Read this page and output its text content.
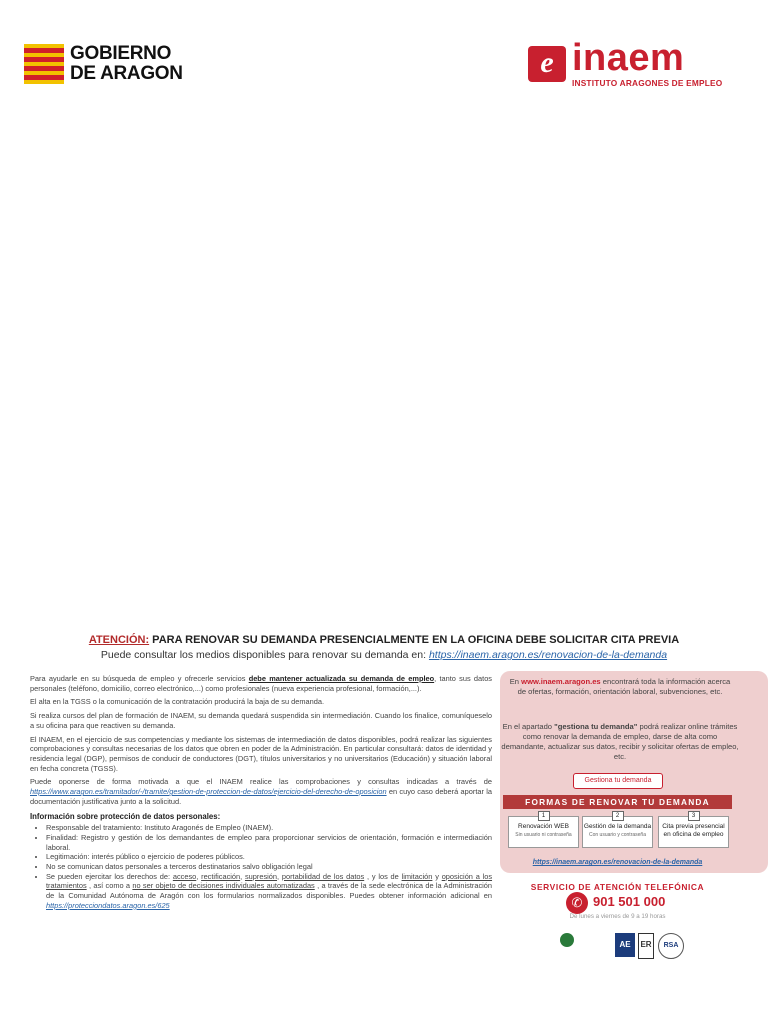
GOBIERNO
DE ARAGON	e inaem
INSTITUTO ARAGONES DE EMPLEO
ATENCIÓN: PARA RENOVAR SU DEMANDA PRESENCIALMENTE EN LA OFICINA DEBE SOLICITAR CITA PREVIA
Puede consultar los medios disponibles para renovar su demanda en: https://inaem.aragon.es/renovacion-de-la-demanda

Para ayudarle en su búsqueda de empleo y ofrecerle servicios debe mantener actualizada su demanda de empleo, tanto sus datos personales (teléfono, domicilio, correo electrónico,...) como profesionales (nueva experiencia profesional, formación,...).

El alta en la TGSS o la comunicación de la contratación producirá la baja de su demanda.

Si realiza cursos del plan de formación de INAEM, su demanda quedará suspendida sin intermediación. Cuando los finalice, comuníqueselo a su oficina para que reactiven su demanda.

El INAEM, en el ejercicio de sus competencias y mediante los sistemas de intermediación de datos disponibles, podrá realizar las siguientes comprobaciones y consultas necesarias de los datos que obren en poder de la Administración. En particular consultará: datos de identidad y residencia legal (DGP), permisos de conducir de conductores (DGT), títulos universitarios y no universitarios (Educación) y situación laboral en fecha concreta (TGSS).

Puede oponerse de forma motivada a que el INAEM realice las comprobaciones y consultas indicadas a través de https://www.aragon.es/tramitador/-/tramite/gestion-de-proteccion-de-datos/ejercicio-del-derecho-de-oposicion en cuyo caso deberá aportar la documentación justificativa junto a la solicitud.

Información sobre protección de datos personales:
• Responsable del tratamiento: Instituto Aragonés de Empleo (INAEM).
• Finalidad: Registro y gestión de los demandantes de empleo para proporcionar servicios de orientación, formación e intermediación laboral.
• Legitimación: interés público o ejercicio de poderes públicos.
• No se comunican datos personales a terceros destinatarios salvo obligación legal
• Se pueden ejercitar los derechos de: acceso, rectificación, supresión, portabilidad de los datos , y los de limitación y oposición a los tratamientos , así como a no ser objeto de decisiones individuales automatizadas , a través de la sede electrónica de la Administración de la Comunidad Autónoma de Aragón con los formularios normalizados disponibles. Puedes obtener información adicional en https://protecciondatos.aragon.es/625
En www.inaem.aragon.es encontrará toda la información acerca de ofertas, formación, orientación laboral, subvenciones, etc.
En el apartado "gestiona tu demanda" podrá realizar online trámites como renovar la demanda de empleo, darse de alta como demandante, actualizar sus datos, recibir y solicitar ofertas de empleo, etc.
Gestiona tu demanda
FORMAS DE RENOVAR TU DEMANDA
1
Renovación WEB
Sin usuario ni contraseña
2
Gestión de la demanda
Con usuario y contraseña
3
Cita previa presencial en oficina de empleo
https://inaem.aragon.es/renovacion-de-la-demanda
SERVICIO DE ATENCIÓN TELEFÓNICA
✆ 901 501 000
De lunes a viernes de 9 a 19 horas
AE	ER	RSA
